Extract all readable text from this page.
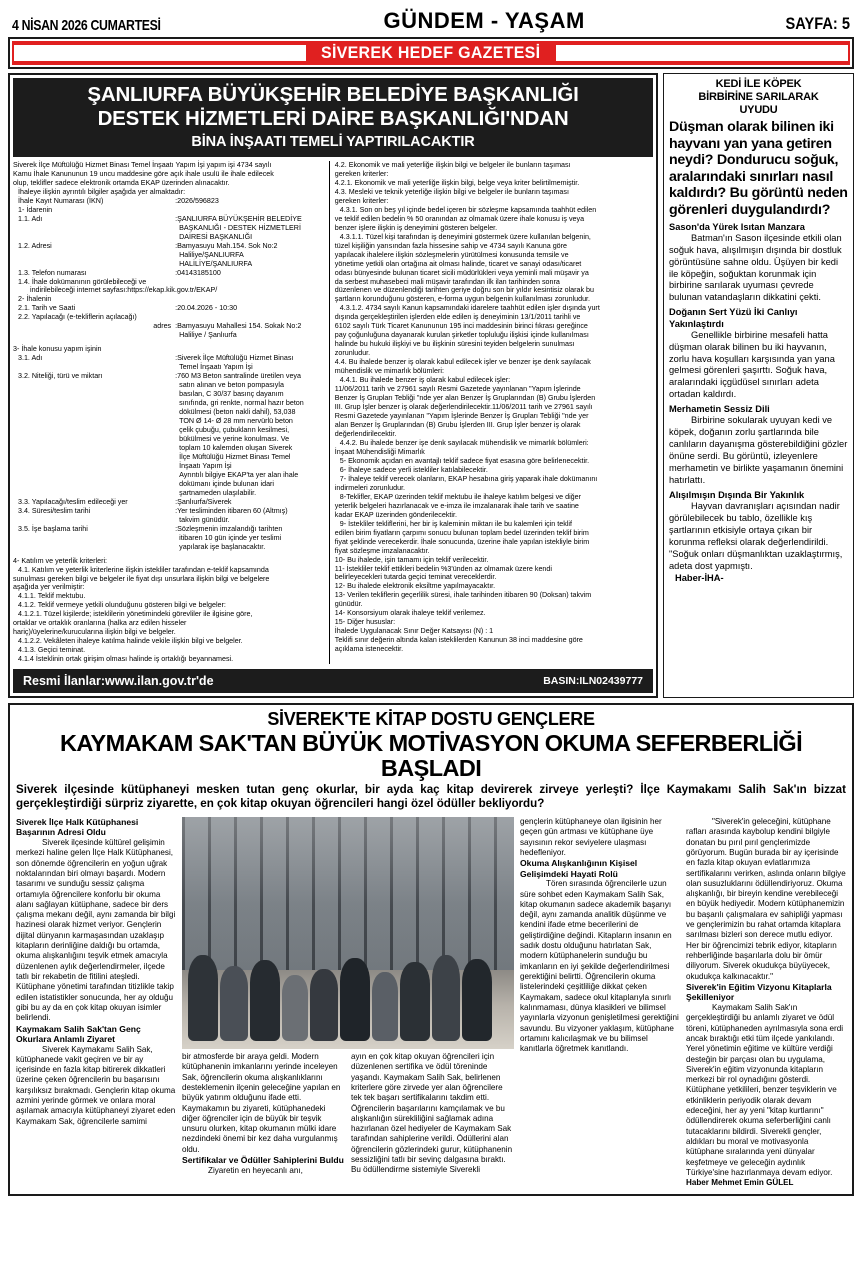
4 NİSAN 2026 CUMARTESİ	GÜNDEM - YAŞAM	SAYFA: 5
SİVEREK HEDEF GAZETESİ
ŞANLIURFA BÜYÜKŞEHİR BELEDİYE BAŞKANLIĞI
DESTEK HİZMETLERİ DAİRE BAŞKANLIĞI'NDAN
BİNA İNŞAATI TEMELİ YAPTIRILACAKTIR

Siverek İlçe Müftülüğü Hizmet Binası Temel İnşaatı Yapım İşi yapım işi 4734 sayılı

Kamu İhale Kanununun 19 uncu maddesine göre açık ihale usulü ile ihale edilecek

olup, teklifler sadece elektronik ortamda EKAP üzerinden alınacaktır.

İhaleye ilişkin ayrıntılı bilgiler aşağıda yer almaktadır:

İhale Kayıt Numarası (İKN)	:2026/596823

1- İdarenin

1.1. Adı	:ŞANLIURFA BÜYÜKŞEHİR BELEDİYE
BAŞKANLIĞI - DESTEK HİZMETLERİ
DAİRESİ BAŞKANLIĞI
1.2. Adresi	:Bamyasuyu Mah.154. Sok No:2
Haliliye/ŞANLIURFA
HALİLİYE/ŞANLIURFA
1.3. Telefon numarası	:04143185100

1.4. İhale dokümanının görülebileceği ve

indirilebileceği internet sayfası:https://ekap.kik.gov.tr/EKAP/

2- İhalenin

2.1. Tarih ve Saati	:20.04.2026 - 10:30

2.2. Yapılacağı (e-tekliflerin açılacağı)

adres :Bamyasuyu Mahallesi 154. Sokak No:2
Haliliye / Şanlıurfa

3- İhale konusu yapım işinin

3.1. Adı	:Siverek İlçe Müftülüğü Hizmet Binası
Temel İnşaatı Yapım İşi
3.2. Niteliği, türü ve miktarı	:760 M3 Beton santralinde üretilen veya
satın alınan ve beton pompasıyla
basılan, C 30/37 basınç dayanım
sınıfında, gri renkte, normal hazır beton
dökülmesi (beton nakli dahil), 53,038
TON Ø 14- Ø 28 mm nervürlü beton
çelik çubuğu, çubukların kesilmesi,
bükülmesi ve yerine konulması. Ve
toplam 10 kalemden oluşan Siverek
İlçe Müftülüğü Hizmet Binası Temel
İnşaatı Yapım İşi
Ayrıntılı bilgiye EKAP'ta yer alan ihale
dokümanı içinde bulunan idari
şartnameden ulaşılabilir.
3.3. Yapılacağı/teslim edileceği yer	:Şanlıurfa/Siverek
3.4. Süresi/teslim tarihi	:Yer tesliminden itibaren 60 (Altmış)
takvim günüdür.
3.5. İşe başlama tarihi	:Sözleşmenin imzalandığı tarihten
itibaren 10 gün içinde yer teslimi
yapılarak işe başlanacaktır.

4- Katılım ve yeterlik kriterleri:

4.1. Katılım ve yeterlik kriterlerine ilişkin istekliler tarafından e-teklif kapsamında

sunulması gereken bilgi ve belgeler ile fiyat dışı unsurlara ilişkin bilgi ve belgelere

aşağıda yer verilmiştir:

4.1.1. Teklif mektubu.

4.1.2. Teklif vermeye yetkili olunduğunu gösteren bilgi ve belgeler:

4.1.2.1. Tüzel kişilerde; isteklilerin yönetimindeki görevliler ile ilgisine göre,

ortaklar ve ortaklık oranlarına (halka arz edilen hisseler

hariç)/üyelerine/kurucularına ilişkin bilgi ve belgeler.

4.1.2.2. Vekâleten ihaleye katılma halinde vekile ilişkin bilgi ve belgeler.

4.1.3. Geçici teminat.

4.1.4 İsteklinin ortak girişim olması halinde iş ortaklığı beyannamesi.

4.2. Ekonomik ve mali yeterliğe ilişkin bilgi ve belgeler ile bunların taşıması

gereken kriterler:

4.2.1. Ekonomik ve mali yeterliğe ilişkin bilgi, belge veya kriter belirtilmemiştir.

4.3. Mesleki ve teknik yeterliğe ilişkin bilgi ve belgeler ile bunların taşıması

gereken kriterler:

4.3.1. Son on beş yıl içinde bedel içeren bir sözleşme kapsamında taahhüt edilen

ve teklif edilen bedelin % 50 oranından az olmamak üzere ihale konusu iş veya

benzer işlere ilişkin iş deneyimini gösteren belgeler.

4.3.1.1. Tüzel kişi tarafından iş deneyimini göstermek üzere kullanılan belgenin,

tüzel kişiliğin yarısından fazla hissesine sahip ve 4734 sayılı Kanuna göre

yapılacak ihalelere ilişkin sözleşmelerin yürütülmesi konusunda temsile ve

yönetime yetkili olan ortağına ait olması halinde, ticaret ve sanayi odası/ticaret

odası bünyesinde bulunan ticaret sicili müdürlükleri veya yeminli mali müşavir ya

da serbest muhasebeci mali müşavir tarafından ilk ilan tarihinden sonra

düzenlenen ve düzenlendiği tarihten geriye doğru son bir yıldır kesintisiz olarak bu

şartların korunduğunu gösteren, e-forma uygun belgenin kullanılması zorunludur.

4.3.1.2. 4734 sayılı Kanun kapsamındaki idarelere taahhüt edilen işler dışında yurt

dışında gerçekleştirilen işlerden elde edilen iş deneyiminin 13/1/2011 tarihli ve

6102 sayılı Türk Ticaret Kanununun 195 inci maddesinin birinci fıkrası gereğince

pay çoğunluğuna dayanarak kurulan şirketler topluluğu ilişkisi içinde kullanılması

halinde bu hukuki ilişkiyi ve bu ilişkinin süresini teyiden belgelerin sunulması

zorunludur.

4.4. Bu ihalede benzer iş olarak kabul edilecek işler ve benzer işe denk sayılacak

mühendislik ve mimarlık bölümleri:

4.4.1. Bu ihalede benzer iş olarak kabul edilecek işler:

11/06/2011 tarih ve 27961 sayılı Resmi Gazetede yayınlanan "Yapım İşlerinde

Benzer İş Grupları Tebliği "nde yer alan Benzer İş Gruplarından (B) Grubu İşlerden

III. Grup İşler benzer iş olarak değerlendirilecektir.11/06/2011 tarih ve 27961 sayılı

Resmi Gazetede yayınlanan "Yapım İşlerinde Benzer İş Grupları Tebliği "nde yer

alan Benzer İş Gruplarından (B) Grubu İşlerden III. Grup İşler benzer iş olarak

değerlendirilecektir.

4.4.2. Bu ihalede benzer işe denk sayılacak mühendislik ve mimarlık bölümleri:

İnşaat Mühendisliği Mimarlık

5- Ekonomik açıdan en avantajlı teklif sadece fiyat esasına göre belirlenecektir.

6- İhaleye sadece yerli istekliler katılabilecektir.

7- İhaleye teklif verecek olanların, EKAP hesabına giriş yaparak ihale dokümanını

indirmeleri zorunludur.

8-Teklifler, EKAP üzerinden teklif mektubu ile ihaleye katılım belgesi ve diğer

yeterlik belgeleri hazırlanacak ve e-imza ile imzalanarak ihale tarih ve saatine

kadar EKAP üzerinden gönderilecektir.

9- İstekliler tekliflerini, her bir iş kaleminin miktarı ile bu kalemleri için teklif

edilen birim fiyatların çarpımı sonucu bulunan toplam bedel üzerinden teklif birim

fiyat şeklinde verecekerdir. İhale sonucunda, üzerine ihale yapılan istekliyle birim

fiyat sözleşme imzalanacaktır.

10- Bu ihalede, işin tamamı için teklif verilecektir.

11- İstekliler teklif ettikleri bedelin %3'ünden az olmamak üzere kendi

belirleyecekleri tutarda geçici teminat vereceklerdir.

12- Bu ihalede elektronik eksiltme yapılmayacaktır.

13- Verilen tekliflerin geçerlilik süresi, ihale tarihinden itibaren 90 (Doksan) takvim

günüdür.

14- Konsorsiyum olarak ihaleye teklif verilemez.

15- Diğer hususlar:

İhalede Uygulanacak Sınır Değer Katsayısı (N) : 1

Teklifi sınır değerin altında kalan isteklilerden Kanunun 38 inci maddesine göre

açıklama istenecektir.

Resmi İlanlar:www.ilan.gov.tr'de	BASIN:ILN02439777
KEDİ İLE KÖPEK
BİRBİRİNE SARILARAK
UYUDU
Düşman olarak bilinen iki hayvanı yan yana getiren neydi? Dondurucu soğuk, aralarındaki sınırları nasıl kaldırdı? Bu görüntü neden görenleri duygulandırdı?
Sason'da Yürek Isıtan Manzara

Batman'ın Sason ilçesinde etkili olan soğuk hava, alışılmışın dışında bir dostluk görüntüsüne sahne oldu. Üşüyen bir kedi ile köpeğin, soğuktan korunmak için birbirine sarılarak uyuması çevrede bulunan vatandaşların dikkatini çekti.

Doğanın Sert Yüzü İki Canlıyı Yakınlaştırdı

Genellikle birbirine mesafeli hatta düşman olarak bilinen bu iki hayvanın, zorlu hava koşulları karşısında yan yana gelmesi görenleri şaşırttı. Soğuk hava, aralarındaki içgüdüsel sınırları adeta ortadan kaldırdı.

Merhametin Sessiz Dili

Birbirine sokularak uyuyan kedi ve köpek, doğanın zorlu şartlarında bile canlıların dayanışma gösterebildiğini gözler önüne serdi. Bu görüntü, izleyenlere merhametin ve birlikte yaşamanın önemini hatırlattı.

Alışılmışın Dışında Bir Yakınlık

Hayvan davranışları açısından nadir görülebilecek bu tablo, özellikle kış şartlarının etkisiyle ortaya çıkan bir korunma refleksi olarak değerlendirildi. "Soğuk onları düşmanlıktan uzaklaştırmış, adeta dost yapmıştı.

Haber-İHA-
SİVEREK'TE KİTAP DOSTU GENÇLERE
KAYMAKAM SAK'TAN BÜYÜK MOTİVASYON OKUMA SEFERBERLİĞİ BAŞLADI
Siverek ilçesinde kütüphaneyi mesken tutan genç okurlar, bir ayda kaç kitap devirerek zirveye yerleşti? İlçe Kaymakamı Salih Sak'ın bizzat gerçekleştirdiği sürpriz ziyarette, en çok kitap okuyan öğrencileri hangi özel ödüller bekliyordu?
Siverek İlçe Halk Kütüphanesi Başarının Adresi Oldu

Siverek ilçesinde kültürel gelişimin merkezi haline gelen İlçe Halk Kütüphanesi, son dönemde öğrencilerin en yoğun uğrak noktalarından biri olmayı başardı. Modern tasarımı ve sunduğu sessiz çalışma ortamıyla öğrencilere konforlu bir okuma alanı sağlayan kütüphane, sadece bir ders çalışma mekanı değil, aynı zamanda bir bilgi hazinesi olarak hizmet veriyor. Gençlerin dijital dünyanın karmaşasından uzaklaşıp kitapların derinliğine daldığı bu ortamda, okuma alışkanlığını teşvik etmek amacıyla düzenlenen aylık değerlendirmeler, ilçede tatlı bir rekabetin de fitilini ateşledi. Kütüphane yönetimi tarafından titizlikle takip edilen istatistikler sonucunda, her ay olduğu gibi bu ay da en çok kitap okuyan isimler belirlendi.

Kaymakam Salih Sak'tan Genç Okurlara Anlamlı Ziyaret

Siverek Kaymakamı Salih Sak, kütüphanede vakit geçiren ve bir ay içerisinde en fazla kitap bitirerek dikkatleri üzerine çeken öğrencilerin bu başarısını karşılıksız bırakmadı. Gençlerin kitap okuma azmini yerinde görmek ve onlara moral aşılamak amacıyla kütüphaneyi ziyaret eden Kaymakam Sak, öğrencilerle samimi

bir atmosferde bir araya geldi. Modern kütüphanenin imkanlarını yerinde inceleyen Sak, öğrencilerin okuma alışkanlıklarını desteklemenin ilçenin geleceğine yapılan en büyük yatırım olduğunu ifade etti. Kaymakamın bu ziyareti, kütüphanedeki diğer öğrenciler için de büyük bir teşvik unsuru olurken, kitap okumanın mülki idare nezdindeki önemi bir kez daha vurgulanmış oldu.

Sertifikalar ve Ödüller Sahiplerini Buldu

Ziyaretin en heyecanlı anı,

ayın en çok kitap okuyan öğrencileri için düzenlenen sertifika ve ödül töreninde yaşandı. Kaymakam Salih Sak, belirlenen kriterlere göre zirvede yer alan öğrencilere tek tek başarı sertifikalarını takdim etti. Öğrencilerin başarılarını kamçılamak ve bu alışkanlığın sürekliliğini sağlamak adına hazırlanan özel hediyeler de Kaymakam Sak tarafından sahiplerine verildi. Ödüllerini alan öğrencilerin gözlerindeki gurur, kütüphanenin sessizliğini tatlı bir sevinç dalgasına bıraktı. Bu ödüllendirme sistemiyle Siverekli

gençlerin kütüphaneye olan ilgisinin her geçen gün artması ve kütüphane üye sayısının rekor seviyelere ulaşması hedefleniyor.

Okuma Alışkanlığının Kişisel Gelişimdeki Hayati Rolü

Tören sırasında öğrencilerle uzun süre sohbet eden Kaymakam Salih Sak, kitap okumanın sadece akademik başarıyı değil, aynı zamanda analitik düşünme ve kendini ifade etme becerilerini de geliştirdiğine değindi. Kitapların insanın en sadık dostu olduğunu hatırlatan Sak, modern kütüphanelerin sunduğu bu imkanların en iyi şekilde değerlendirilmesi gerektiğini belirtti. Öğrencilerin okuma listelerindeki çeşitliliğe dikkat çeken Kaymakam, sadece okul kitaplarıyla sınırlı kalınmaması, dünya klasikleri ve bilimsel yayınlarla vizyonun genişletilmesi gerektiğini savundu. Bu vizyoner yaklaşım, kütüphane ortamını kalıcılaşmak ve bu bilimsel kanıtlarla öğretmek kanıtlandı.

"Siverek'in geleceğini, kütüphane rafları arasında kaybolup kendini bilgiyle donatan bu pırıl pırıl gençlerimizde görüyorum. Bugün burada bir ay içerisinde en fazla kitap okuyan evlatlarımıza sertifikalarını verirken, aslında onların bilgiye olan susuzluklarını ödüllendiriyoruz. Okuma alışkanlığı, bir bireyin kendine verebileceği en büyük hediyedir. Modern kütüphanemizin bu başarılı çalışmalara ev sahipliği yapması ve gençlerimizin bu rahat ortamda kitaplara sarılması bizleri son derece mutlu ediyor. Her bir öğrencimizi tebrik ediyor, kitapların rehberliğinde başarılarla dolu bir ömür diliyorum. Siverek okudukça büyüyecek, okudukça kalkınacaktır."

Siverek'in Eğitim Vizyonu Kitaplarla Şekilleniyor

Kaymakam Salih Sak'ın gerçekleştirdiği bu anlamlı ziyaret ve ödül töreni, kütüphaneden ayrılmasıyla sona erdi ancak bıraktığı etki tüm ilçede yankılandı. Yerel yönetimin eğitime ve kültüre verdiği desteğin bir parçası olan bu uygulama, Siverek'in eğitim vizyonunda kitapların merkezi bir rol oynadığını gösterdi. Kütüphane yetkilileri, benzer teşviklerin ve etkinliklerin periyodik olarak devam edeceğini, her ay yeni "kitap kurtlarını" ödüllendirerek okuma seferberliğini canlı tutacaklarını bildirdi. Siverekli gençler, aldıkları bu moral ve motivasyonla kütüphane sıralarında yeni dünyalar keşfetmeye ve geleceğin aydınlık Türkiye'sine hazırlanmaya devam ediyor.

Haber Mehmet Emin GÜLEL
